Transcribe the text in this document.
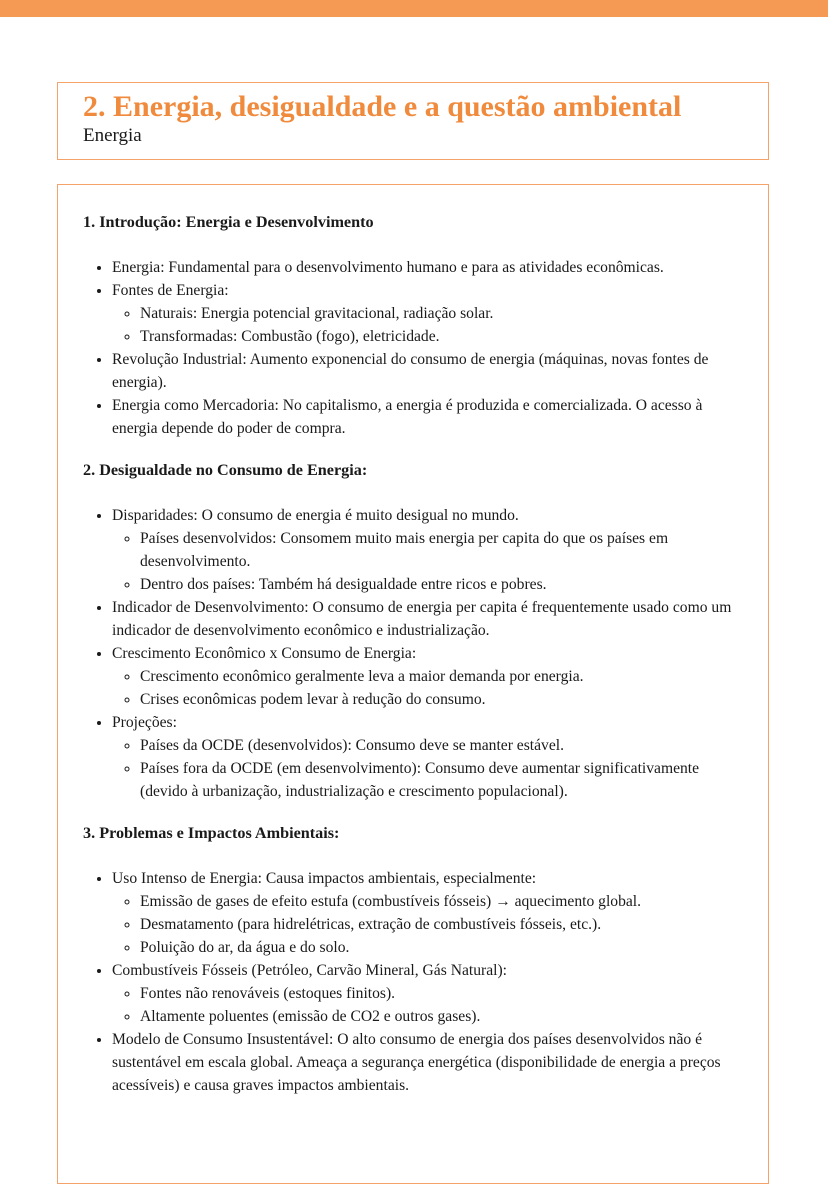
2. Energia, desigualdade e a questão ambiental
Energia
1. Introdução: Energia e Desenvolvimento
• Energia: Fundamental para o desenvolvimento humano e para as atividades econômicas.
• Fontes de Energia:
◦ Naturais: Energia potencial gravitacional, radiação solar.
◦ Transformadas: Combustão (fogo), eletricidade.
• Revolução Industrial: Aumento exponencial do consumo de energia (máquinas, novas fontes de energia).
• Energia como Mercadoria: No capitalismo, a energia é produzida e comercializada. O acesso à energia depende do poder de compra.
2. Desigualdade no Consumo de Energia:
• Disparidades: O consumo de energia é muito desigual no mundo.
◦ Países desenvolvidos: Consomem muito mais energia per capita do que os países em desenvolvimento.
◦ Dentro dos países: Também há desigualdade entre ricos e pobres.
• Indicador de Desenvolvimento: O consumo de energia per capita é frequentemente usado como um indicador de desenvolvimento econômico e industrialização.
• Crescimento Econômico x Consumo de Energia:
◦ Crescimento econômico geralmente leva a maior demanda por energia.
◦ Crises econômicas podem levar à redução do consumo.
• Projeções:
◦ Países da OCDE (desenvolvidos): Consumo deve se manter estável.
◦ Países fora da OCDE (em desenvolvimento): Consumo deve aumentar significativamente (devido à urbanização, industrialização e crescimento populacional).
3. Problemas e Impactos Ambientais:
• Uso Intenso de Energia: Causa impactos ambientais, especialmente:
◦ Emissão de gases de efeito estufa (combustíveis fósseis) → aquecimento global.
◦ Desmatamento (para hidrelétricas, extração de combustíveis fósseis, etc.).
◦ Poluição do ar, da água e do solo.
• Combustíveis Fósseis (Petróleo, Carvão Mineral, Gás Natural):
◦ Fontes não renováveis (estoques finitos).
◦ Altamente poluentes (emissão de CO2 e outros gases).
• Modelo de Consumo Insustentável: O alto consumo de energia dos países desenvolvidos não é sustentável em escala global. Ameaça a segurança energética (disponibilidade de energia a preços acessíveis) e causa graves impactos ambientais.
